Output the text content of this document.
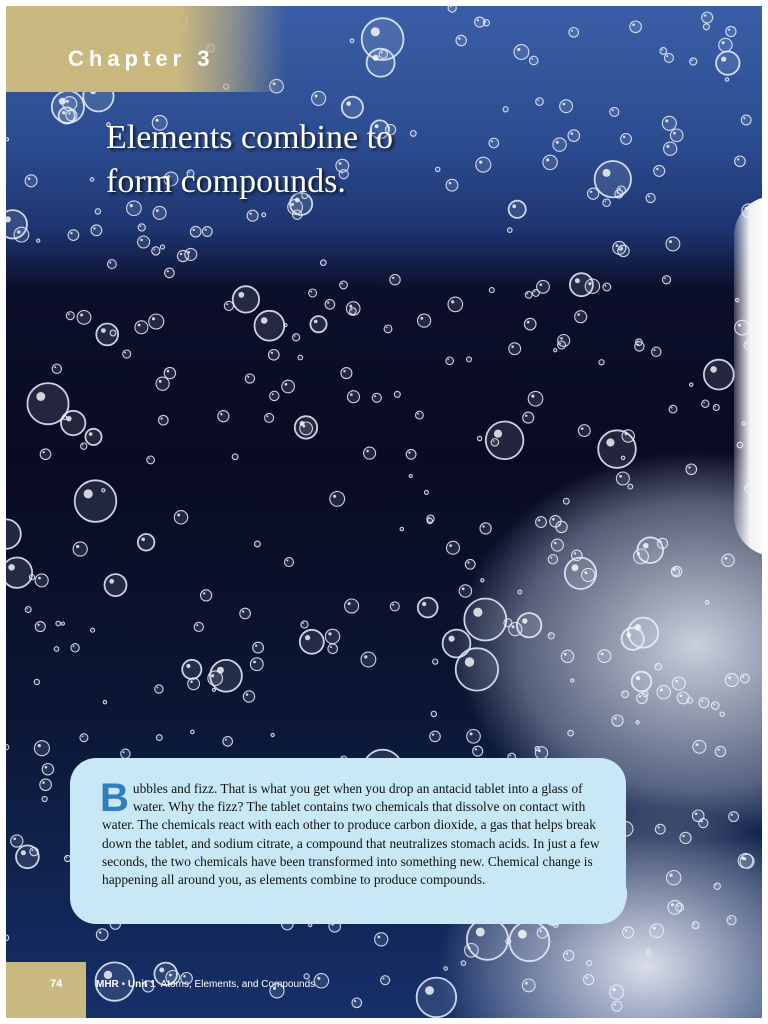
Chapter 3
Elements combine to
form compounds.
Bubbles and fizz. That is what you get when you drop an antacid tablet into a glass of water. Why the fizz? The tablet contains two chemicals that dissolve on contact with water. The chemicals react with each other to produce carbon dioxide, a gas that helps break down the tablet, and sodium citrate, a compound that neutralizes stomach acids. In just a few seconds, the two chemicals have been transformed into something new. Chemical change is happening all around you, as elements combine to produce compounds.
74	MHR • Unit 1 Atoms, Elements, and Compounds
